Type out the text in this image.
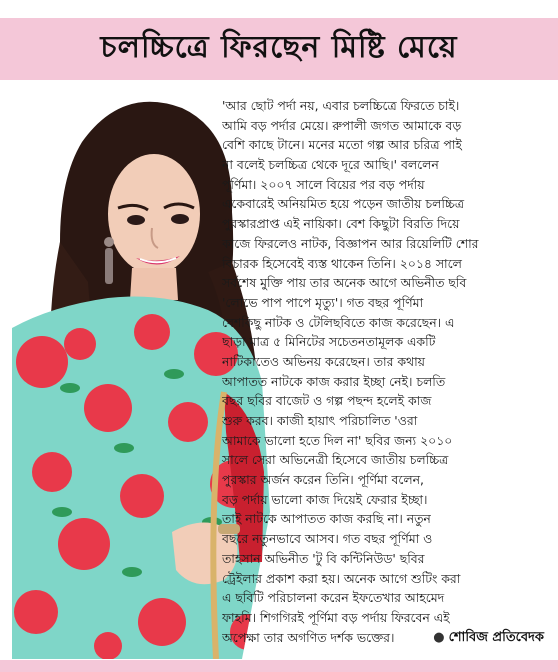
চলচ্চিত্রে ফিরছেন মিষ্টি মেয়ে
'আর ছোট পর্দা নয়, এবার চলচ্চিত্রে ফিরতে চাই।
আমি বড় পর্দার মেয়ে। রুপালী জগত আমাকে বড়
বেশি কাছে টানে। মনের মতো গল্প আর চরিত্র পাই
না বলেই চলচ্চিত্র থেকে দূরে আছি।' বললেন
পূর্ণিমা। ২০০৭ সালে বিয়ের পর বড় পর্দায়
একেবারেই অনিয়মিত হয়ে পড়েন জাতীয় চলচ্চিত্র
পুরস্কারপ্রাপ্ত এই নায়িকা। বেশ কিছুটা বিরতি দিয়ে
কাজে ফিরলেও নাটক, বিজ্ঞাপন আর রিয়েলিটি শোর
বিচারক হিসেবেই ব্যস্ত থাকেন তিনি। ২০১৪ সালে
সর্বশেষ মুক্তি পায় তার অনেক আগে অভিনীত ছবি
'লোভে পাপ পাপে মৃত্যু'। গত বছর পূর্ণিমা
বেশকিছু নাটক ও টেলিছবিতে কাজ করেছেন। এ
ছাড়া মাত্র ৫ মিনিটের সচেতনতামূলক একটি
নাটিকাতেও অভিনয় করেছেন। তার কথায়
আপাতত নাটকে কাজ করার ইচ্ছা নেই। চলতি
বছর ছবির বাজেট ও গল্প পছন্দ হলেই কাজ
শুরু করব। কাজী হায়াৎ পরিচালিত 'ওরা
আমাকে ভালো হতে দিল না' ছবির জন্য ২০১০
সালে সেরা অভিনেত্রী হিসেবে জাতীয় চলচ্চিত্র
পুরস্কার অর্জন করেন তিনি। পূর্ণিমা বলেন,
বড় পর্দায় ভালো কাজ দিয়েই ফেরার ইচ্ছা।
তাই নাটকে আপাতত কাজ করছি না। নতুন
বছরে নতুনভাবে আসব। গত বছর পূর্ণিমা ও
তাহসান অভিনীত 'টু বি কন্টিনিউড' ছবির
ট্রেইলার প্রকাশ করা হয়। অনেক আগে শুটিং করা
এ ছবিটি পরিচালনা করেন ইফতেখার আহমেদ
ফাহমি। শিগগিরই পূর্ণিমা বড় পর্দায় ফিরবেন এই
অপেক্ষা তার অগণিত দর্শক ভক্তের।	● শোবিজ প্রতিবেদক
